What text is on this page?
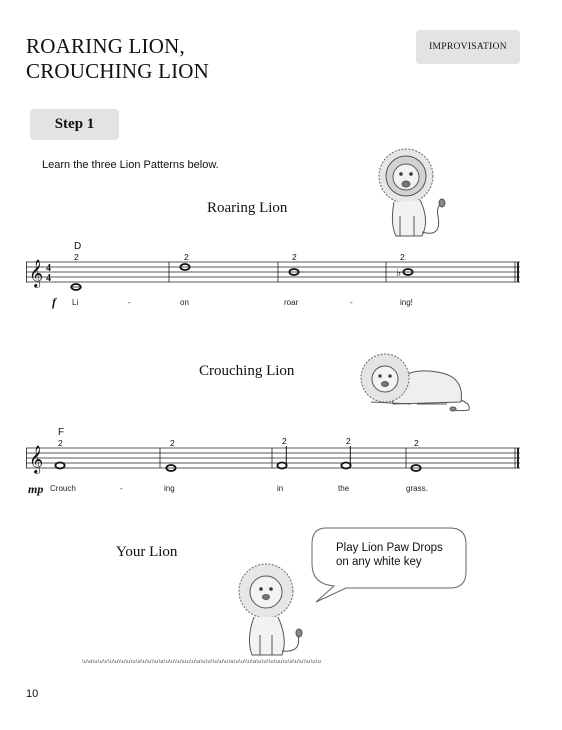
ROARING LION,
CROUCHING LION
IMPROVISATION
Step 1
Learn the three Lion Patterns below.
Roaring Lion
D
2	2	2	2
𝄞 4
4	♭
f Li	-	on	roar	-	ing!
Crouching Lion
F
2	2	2	2	2
𝄞
mp Crouch	-	ing	in	the	grass.
Your Lion	Play Lion Paw Drops
on any white key
\u\a\u\u\v\u\u\\u\u\u\a\u\u\\u\a\u\u\\u\uu\u\a\u\u\\u\u\u\a\u\u\\u\a\u\u\\u\uu\u\a\u\u\\u\u\u
10
